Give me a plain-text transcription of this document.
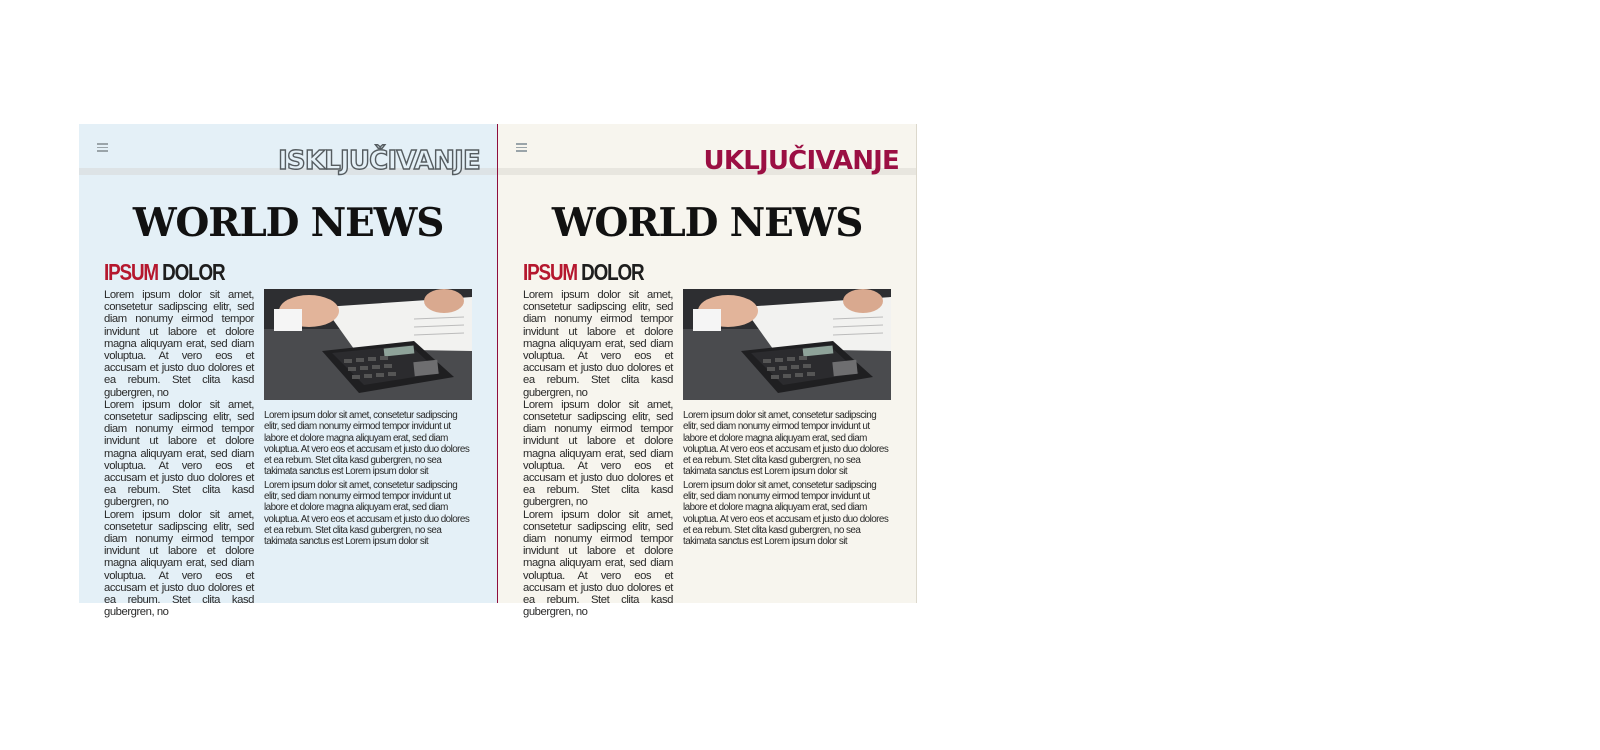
ISKLJUČIVANJE
WORLD NEWS
IPSUM DOLOR

Lorem ipsum dolor sit amet, consetetur sadipscing elitr, sed diam nonumy eirmod tempor invidunt ut labore et dolore magna aliquyam erat, sed diam voluptua. At vero eos et accusam et justo duo dolores et ea rebum. Stet clita kasd gubergren, no

Lorem ipsum dolor sit amet, consetetur sadipscing elitr, sed diam nonumy eirmod tempor invidunt ut labore et dolore magna aliquyam erat, sed diam voluptua. At vero eos et accusam et justo duo dolores et ea rebum. Stet clita kasd gubergren, no

Lorem ipsum dolor sit amet, consetetur sadipscing elitr, sed diam nonumy eirmod tempor invidunt ut labore et dolore magna aliquyam erat, sed diam voluptua. At vero eos et accusam et justo duo dolores et ea rebum. Stet clita kasd gubergren, no

Lorem ipsum dolor sit amet, consetetur sadipscing elitr, sed diam nonumy eirmod tempor invidunt ut labore et dolore magna aliquyam erat, sed diam voluptua. At vero eos et accusam et justo duo dolores et ea rebum. Stet clita kasd gubergren, no sea takimata sanctus est Lorem ipsum dolor sit

Lorem ipsum dolor sit amet, consetetur sadipscing elitr, sed diam nonumy eirmod tempor invidunt ut labore et dolore magna aliquyam erat, sed diam voluptua. At vero eos et accusam et justo duo dolores et ea rebum. Stet clita kasd gubergren, no sea takimata sanctus est Lorem ipsum dolor sit

UKLJUČIVANJE
WORLD NEWS
IPSUM DOLOR

Lorem ipsum dolor sit amet, consetetur sadipscing elitr, sed diam nonumy eirmod tempor invidunt ut labore et dolore magna aliquyam erat, sed diam voluptua. At vero eos et accusam et justo duo dolores et ea rebum. Stet clita kasd gubergren, no

Lorem ipsum dolor sit amet, consetetur sadipscing elitr, sed diam nonumy eirmod tempor invidunt ut labore et dolore magna aliquyam erat, sed diam voluptua. At vero eos et accusam et justo duo dolores et ea rebum. Stet clita kasd gubergren, no

Lorem ipsum dolor sit amet, consetetur sadipscing elitr, sed diam nonumy eirmod tempor invidunt ut labore et dolore magna aliquyam erat, sed diam voluptua. At vero eos et accusam et justo duo dolores et ea rebum. Stet clita kasd gubergren, no

Lorem ipsum dolor sit amet, consetetur sadipscing elitr, sed diam nonumy eirmod tempor invidunt ut labore et dolore magna aliquyam erat, sed diam voluptua. At vero eos et accusam et justo duo dolores et ea rebum. Stet clita kasd gubergren, no sea takimata sanctus est Lorem ipsum dolor sit

Lorem ipsum dolor sit amet, consetetur sadipscing elitr, sed diam nonumy eirmod tempor invidunt ut labore et dolore magna aliquyam erat, sed diam voluptua. At vero eos et accusam et justo duo dolores et ea rebum. Stet clita kasd gubergren, no sea takimata sanctus est Lorem ipsum dolor sit
